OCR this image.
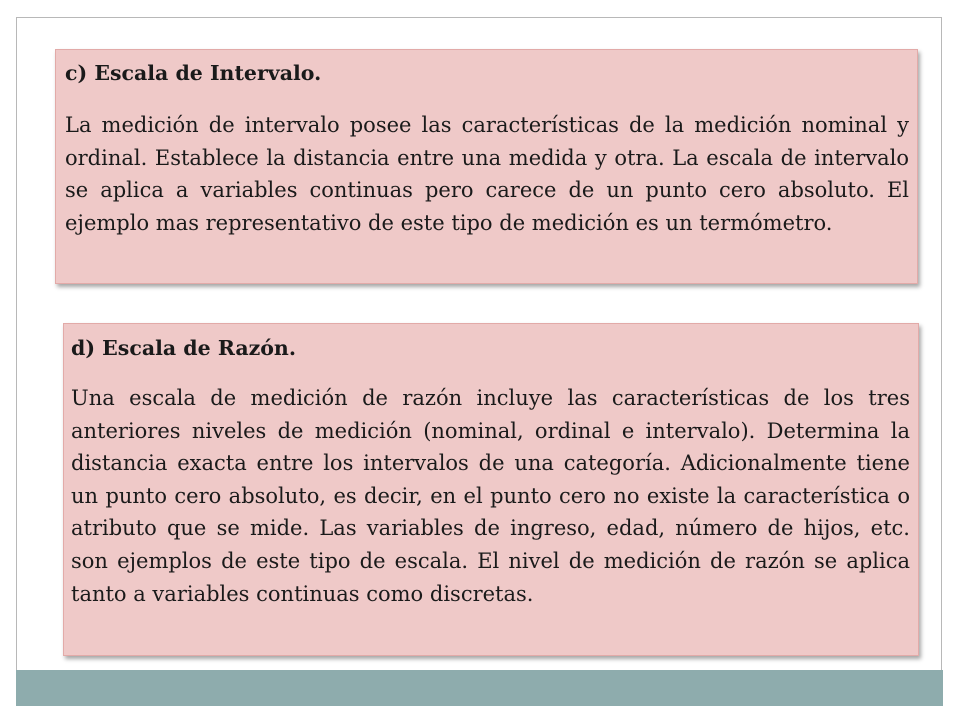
c) Escala de Intervalo.

La medición de intervalo posee las características de la medición nominal y ordinal. Establece la distancia entre una medida y otra. La escala de intervalo se aplica a variables continuas pero carece de un punto cero absoluto. El ejemplo mas representativo de este tipo de medición es un termómetro.

d) Escala de Razón.

Una escala de medición de razón incluye las características de los tres anteriores niveles de medición (nominal, ordinal e intervalo). Determina la distancia exacta entre los intervalos de una categoría. Adicionalmente tiene un punto cero absoluto, es decir, en el punto cero no existe la característica o atributo que se mide. Las variables de ingreso, edad, número de hijos, etc. son ejemplos de este tipo de escala. El nivel de medición de razón se aplica tanto a variables continuas como discretas.
